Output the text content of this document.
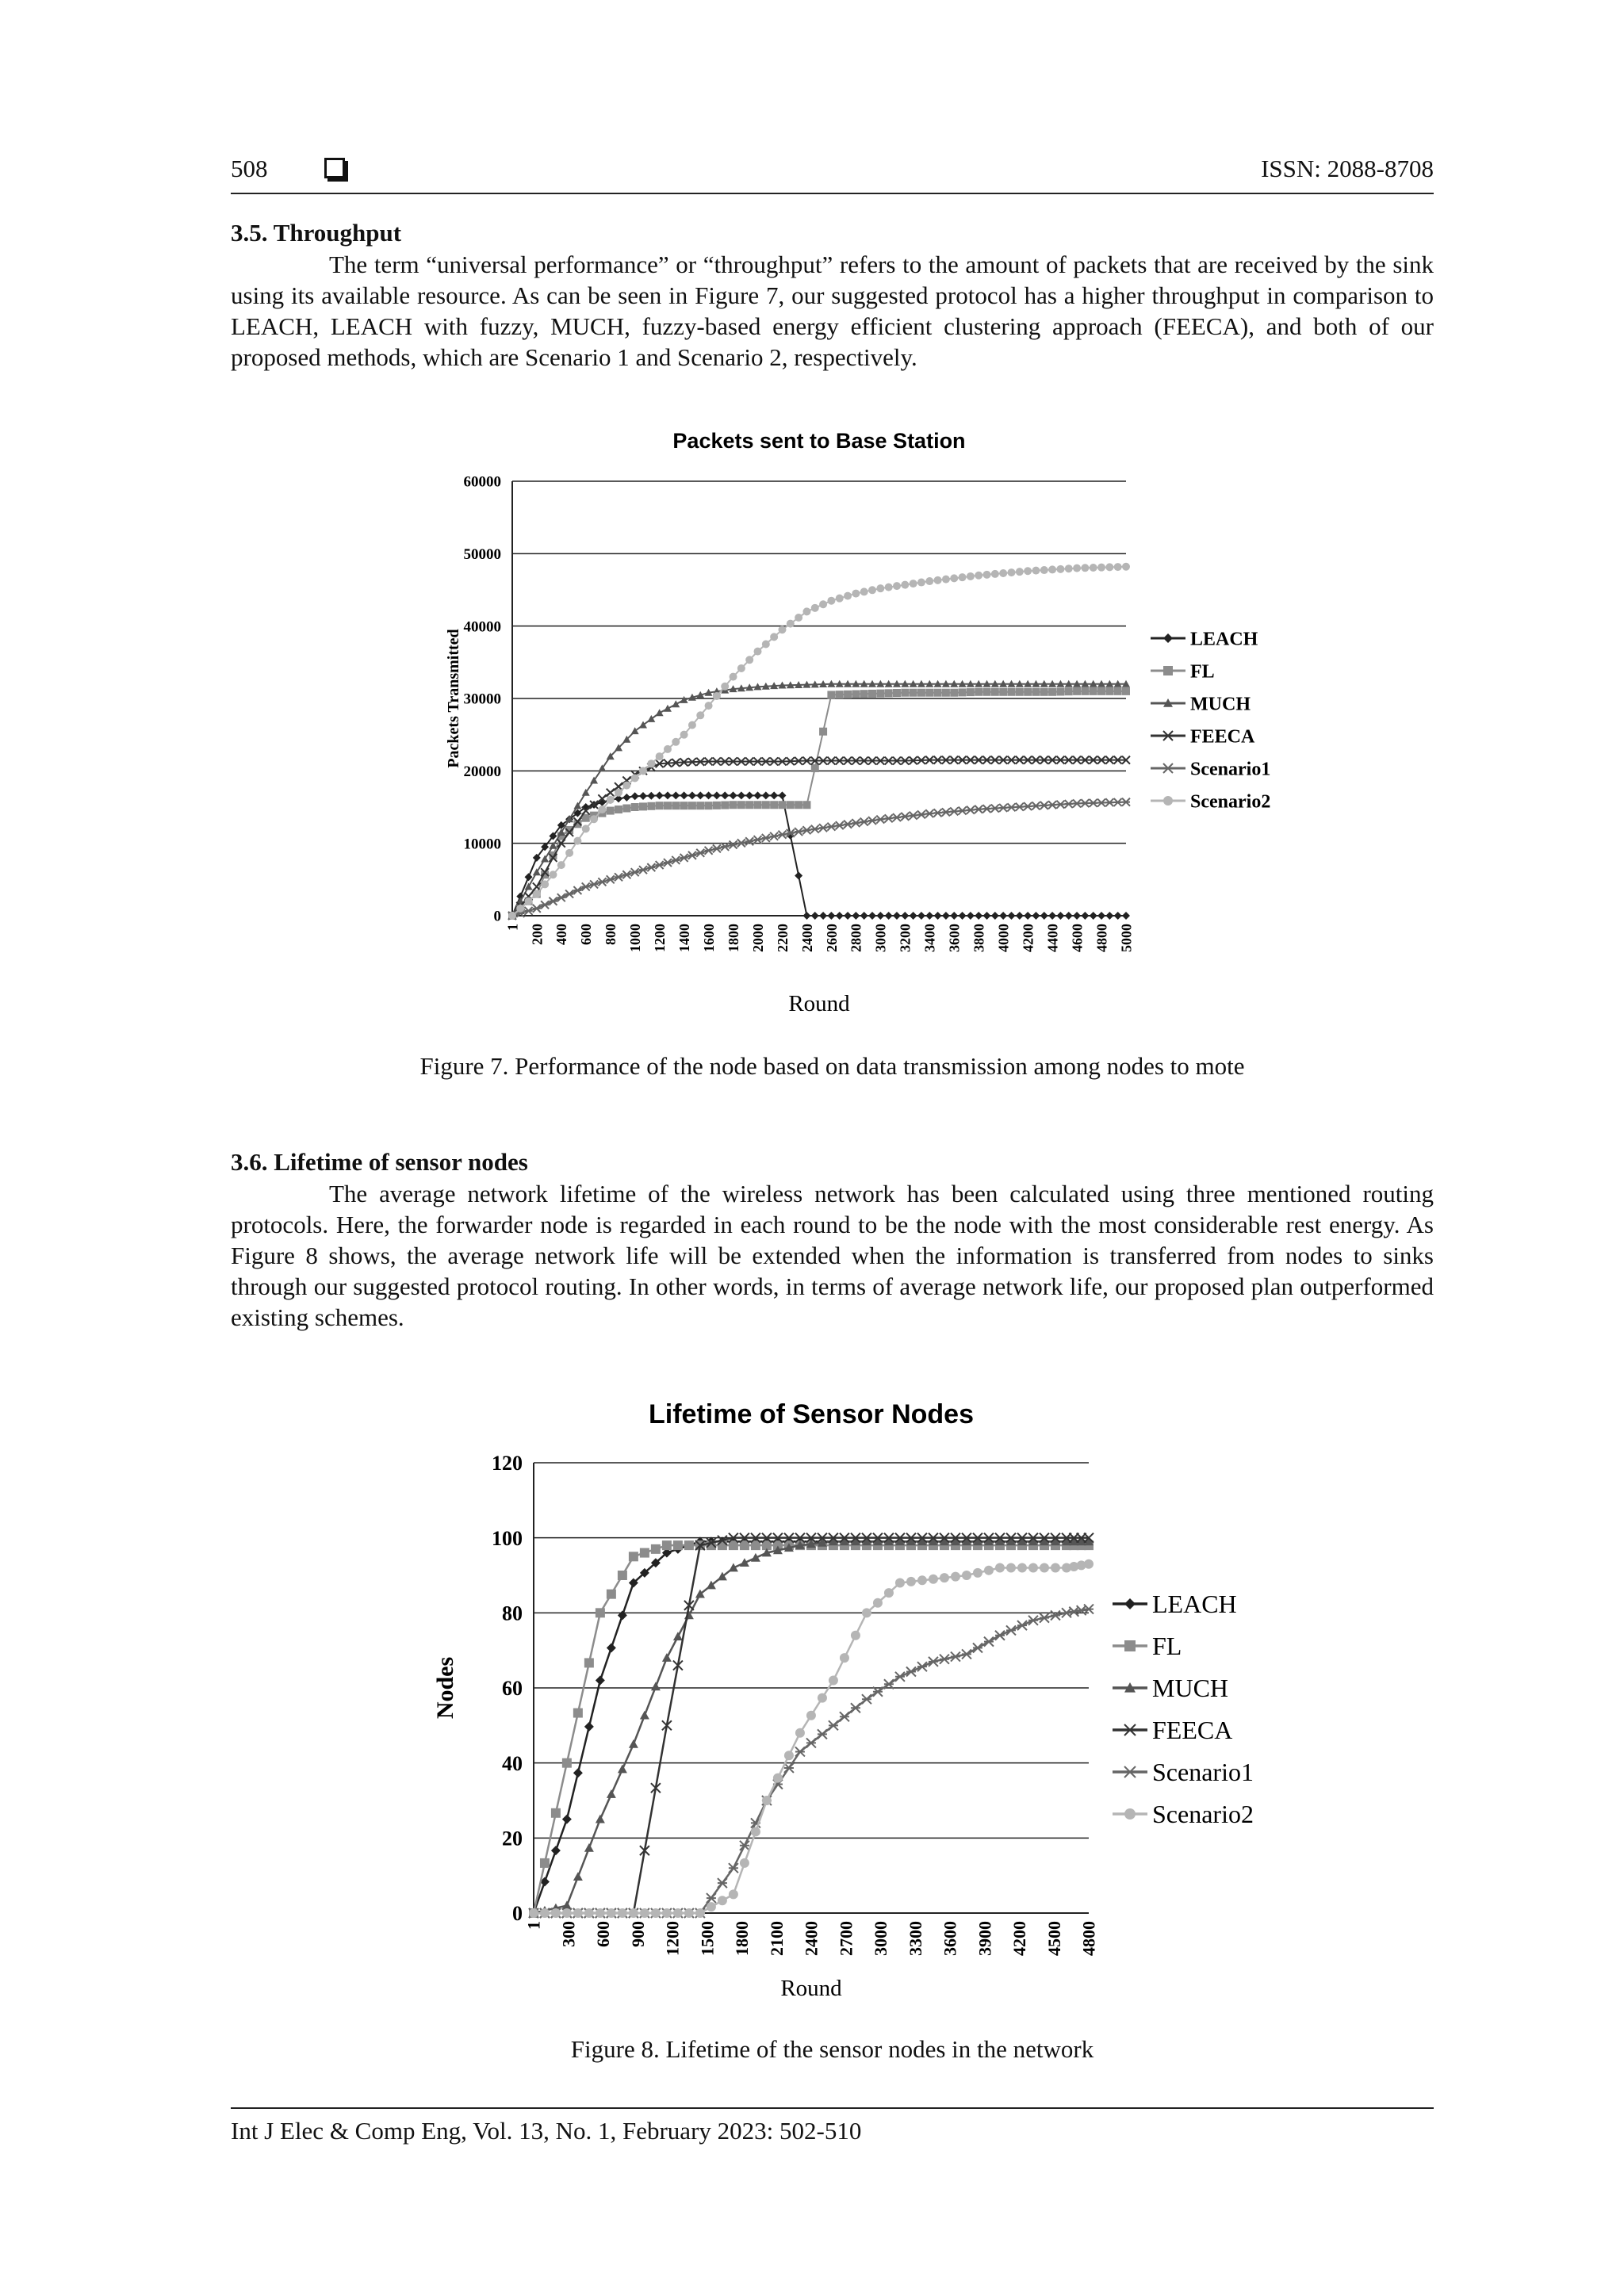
508	ISSN: 2088-8708
3.5. Throughput
The term “universal performance” or “throughput” refers to the amount of packets that are received by the sink using its available resource. As can be seen in Figure 7, our suggested protocol has a higher throughput in comparison to LEACH, LEACH with fuzzy, MUCH, fuzzy-based energy efficient clustering approach (FEECA), and both of our proposed methods, which are Scenario 1 and Scenario 2, respectively.
Packets sent to Base Station
0
10000
20000
30000
40000
50000
60000
1 200 400 600 800 1000 1200 1400 1600 1800 2000 2200 2400 2600 2800 3000 3200 3400 3600 3800 4000 4200 4400 4600 4800 5000
Round
Packets Transmitted	LEACH
FL
MUCH
FEECA
Scenario1
Scenario2
Figure 7. Performance of the node based on data transmission among nodes to mote
3.6. Lifetime of sensor nodes
The average network lifetime of the wireless network has been calculated using three mentioned routing protocols. Here, the forwarder node is regarded in each round to be the node with the most considerable rest energy. As Figure 8 shows, the average network life will be extended when the information is transferred from nodes to sinks through our suggested protocol routing. In other words, in terms of average network life, our proposed plan outperformed existing schemes.
Lifetime of Sensor Nodes
0
20
40
60
80
100
120
1 300 600 900 1200 1500 1800 2100 2400 2700 3000 3300 3600 3900 4200 4500 4800
Round
Nodes
LEACH
FL
MUCH
FEECA
Scenario1
Scenario2
Figure 8. Lifetime of the sensor nodes in the network
Int J Elec & Comp Eng, Vol. 13, No. 1, February 2023: 502-510
